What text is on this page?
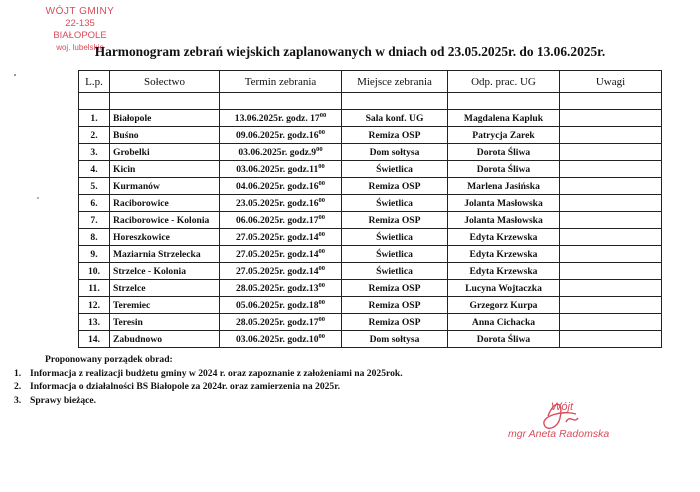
WÓJT GMINY
22-135 BIAŁOPOLE
woj. lubelskie
Harmonogram zebrań wiejskich zaplanowanych w dniach od 23.05.2025r. do 13.06.2025r.
L.p.	Sołectwo	Termin zebrania	Miejsce zebrania	Odp. prac. UG	Uwagi

1.	Białopole	13.06.2025r. godz. $17^{00}$	Sala konf. UG	Magdalena Kapluk	
2.	Buśno	09.06.2025r. $godz.16^{00}$	Remiza OSP	Patrycja Zarek	
3.	Grobelki	03.06.2025r. $godz.9^{00}$	Dom sołtysa	Dorota Śliwa	
4.	Kicin	03.06.2025r. $godz.11^{00}$	Świetlica	Dorota Śliwa	
5.	Kurmanów	04.06.2025r. $godz.16^{00}$	Remiza OSP	Marlena Jasińska	
6.	Raciborowice	23.05.2025r. $godz.16^{00}$	Świetlica	Jolanta Masłowska	
7.	Raciborowice - Kolonia	06.06.2025r. $godz.17^{00}$	Remiza OSP	Jolanta Masłowska	
8.	Horeszkowice	27.05.2025r. $godz.14^{00}$	Świetlica	Edyta Krzewska	
9.	Maziarnia Strzelecka	27.05.2025r. $godz.14^{00}$	Świetlica	Edyta Krzewska	
10.	Strzelce - Kolonia	27.05.2025r. $godz.14^{00}$	Świetlica	Edyta Krzewska	
11.	Strzelce	28.05.2025r. $godz.13^{00}$	Remiza OSP	Lucyna Wojtaczka	
12.	Teremiec	05.06.2025r. $godz.18^{00}$	Remiza OSP	Grzegorz Kurpa	
13.	Teresin	28.05.2025r. $godz.17^{00}$	Remiza OSP	Anna Cichacka	
14.	Zabudnowo	03.06.2025r. $godz.10^{00}$	Dom sołtysa	Dorota Śliwa	
Proponowany porządek obrad:
1. Informacja z realizacji budżetu gminy w 2024 r. oraz zapoznanie z założeniami na 2025rok.
2. Informacja o działalności BS Białopole za 2024r. oraz zamierzenia na 2025r.
3. Sprawy bieżące.
Wójt
mgr Aneta Radomska
